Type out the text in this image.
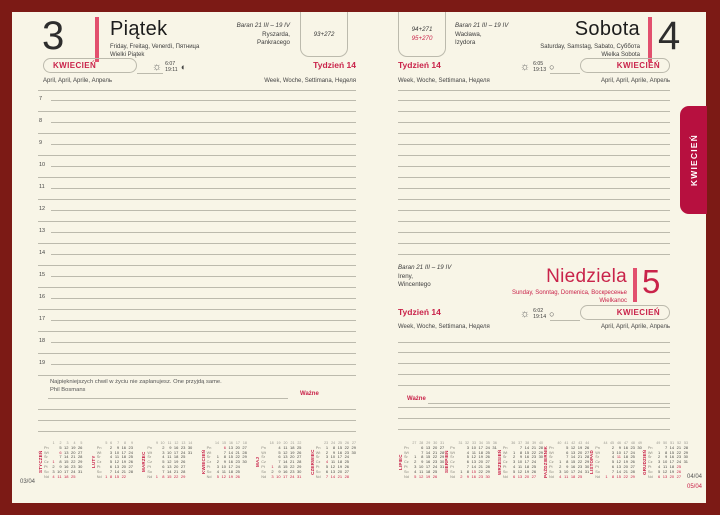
3 Piątek
Friday, Freitag, Venerdì, Пятница
Wielki Piątek
Baran 21 III – 19 IV
Ryszarda,
Pankracego
93+272
KWIECIEŃ
April, April, Aprile, Апрель
☼ 6:07
19:11 ◐	Tydzień 14
Week, Woche, Settimana, Неделя
7
8
9
10
11
12
13
14
15
16
17
18
19
Najpiękniejszych chwil w życiu nie zaplanujesz. One przyjdą same.
Phil Bosmans
Ważne
STYCZEŃ
	1	2	3	4	5
Pn		5	12	19	26
Wt		6	13	20	27
Śr		7	14	21	28
Cz	1	8	15	22	29
Pt	2	9	16	23	30
So	3	10	17	24	31
Nd	4	11	18	25	
LUTY
	5	6	7	8	9
Pn		2	9	16	23
Wt		3	10	17	24
Śr		4	11	18	25
Cz		5	12	19	26
Pt		6	13	20	27
So		7	14	21	28
Nd	1	8	15	22	
MARZEC
	9	10	11	12	13	14
Pn		2	9	16	23	30
Wt		3	10	17	24	31
Śr		4	11	18	25	
Cz		5	12	19	26	
Pt		6	13	20	27	
So		7	14	21	28	
Nd	1	8	15	22	29	
KWIECIEŃ
	14	15	16	17	18
Pn		6	13	20	27
Wt		7	14	21	28
Śr	1	8	15	22	29
Cz	2	9	16	23	30
Pt	3	10	17	24	
So	4	11	18	25	
Nd	5	12	19	26	
MAJ
	18	19	20	21	22
Pn		4	11	18	25
Wt		5	12	19	26
Śr		6	13	20	27
Cz		7	14	21	28
Pt	1	8	15	22	29
So	2	9	16	23	30
Nd	3	10	17	24	31
CZERWIEC
	23	24	25	26	27
Pn	1	8	15	22	29
Wt	2	9	16	23	30
Śr	3	10	17	24	
Cz	4	11	18	25	
Pt	5	12	19	26	
So	6	13	20	27	
Nd	7	14	21	28	
03/04
94+271
95+270
Baran 21 III – 19 IV
Wacława,
Izydora
Sobota
Saturday, Samstag, Sabato, Суббота
Wielka Sobota 4
Tydzień 14
Week, Woche, Settimana, Неделя
☼ 6:05
19:13 ○	KWIECIEŃ
April, April, Aprile, Апрель
Baran 21 III – 19 IV
Ireny,
Wincentego	Niedziela
Sunday, Sonntag, Domenica, Воскресенье
Wielkanoc
5
Tydzień 14
Week, Woche, Settimana, Неделя
☼ 6:02
19:14 ○	KWIECIEŃ
April, April, Aprile, Апрель
Ważne
LIPIEC
	27	28	29	30	31
Pn		6	13	20	27
Wt		7	14	21	28
Śr	1	8	15	22	29
Cz	2	9	16	23	30
Pt	3	10	17	24	31
So	4	11	18	25	
Nd	5	12	19	26	
SIERPIEŃ
	31	32	33	34	35	36
Pn		3	10	17	24	31
Wt		4	11	18	25	
Śr		5	12	19	26	
Cz		6	13	20	27	
Pt		7	14	21	28	
So	1	8	15	22	29	
Nd	2	9	16	23	30	
WRZESIEŃ
	36	37	38	39	40
Pn		7	14	21	28
Wt	1	8	15	22	29
Śr	2	9	16	23	30
Cz	3	10	17	24	
Pt	4	11	18	25	
So	5	12	19	26	
Nd	6	13	20	27	PAŹDZIERNIK
	40	41	42	43	44
Pn		5	12	19	26
Wt		6	13	20	27
Śr		7	14	21	28
Cz	1	8	15	22	29
Pt	2	9	16	23	30
So	3	10	17	24	31
Nd	4	11	18	25	
LISTOPAD
	44	45	46	47	48	49
Pn		2	9	16	23	30
Wt		3	10	17	24	
Śr		4	11	18	25	
Cz		5	12	19	26	
Pt		6	13	20	27	
So		7	14	21	28	
Nd	1	8	15	22	29	
GRUDZIEŃ
	49	50	51	52	53
Pn		7	14	21	28
Wt	1	8	15	22	29
Śr	2	9	16	23	30
Cz	3	10	17	24	31
Pt	4	11	18	25	
So	5	12	19	26	
Nd	6	13	20	27	04/04
05/04
KWIECIEŃ
